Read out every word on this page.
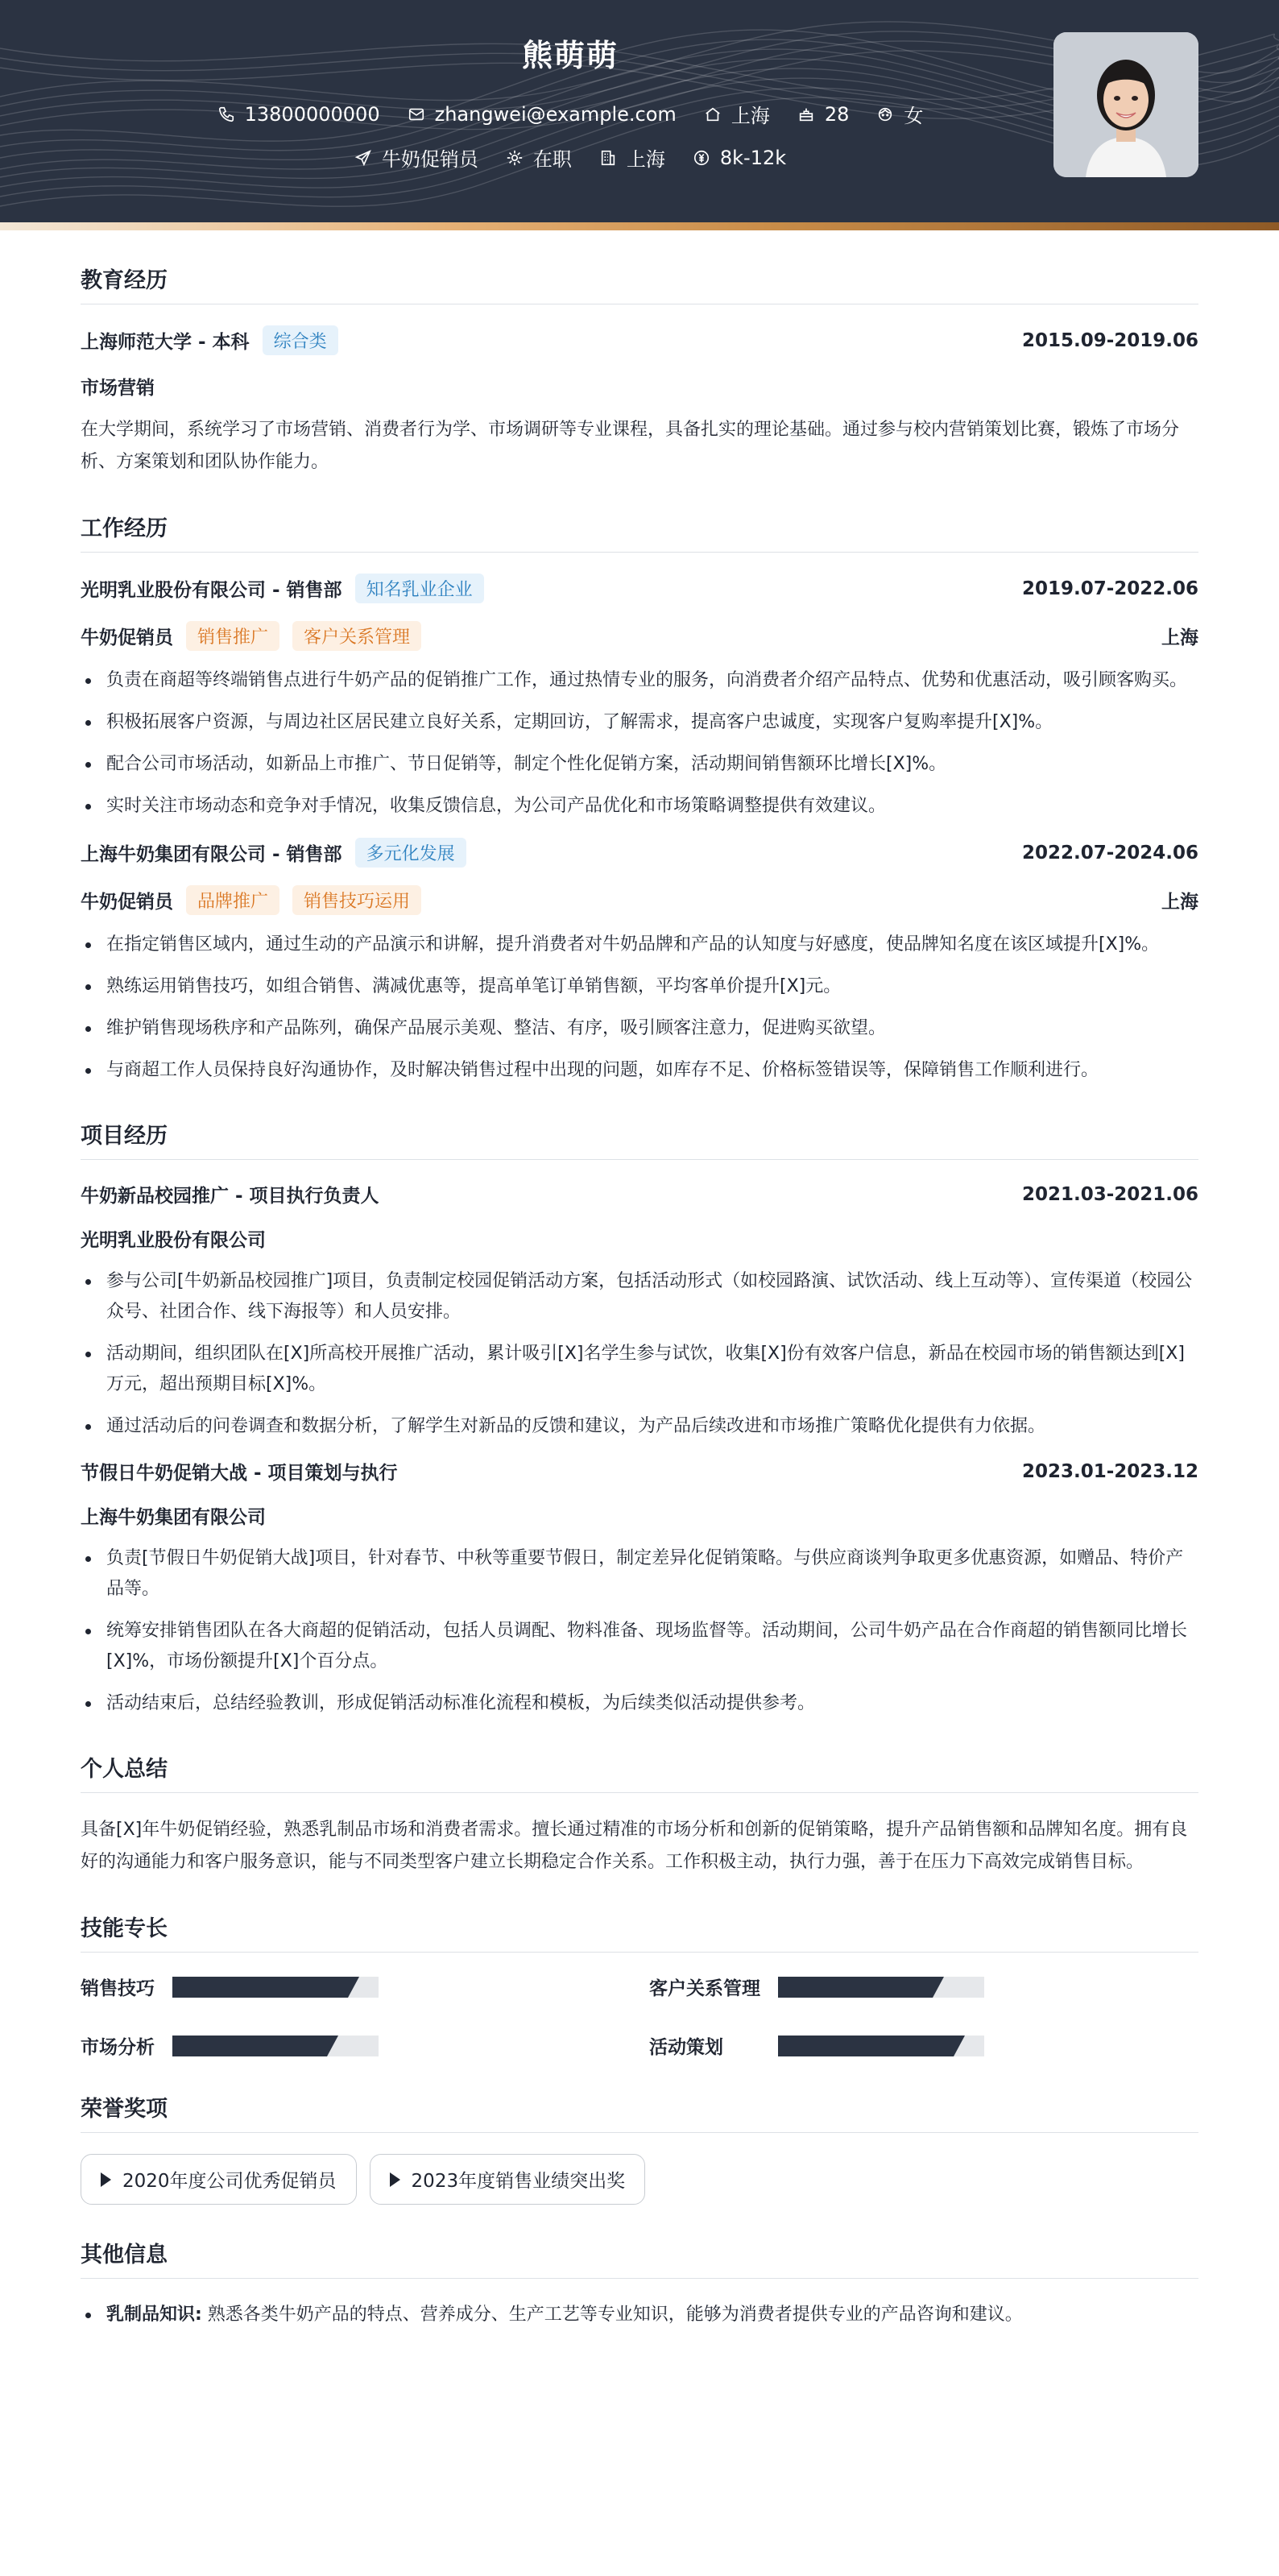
熊萌萌
13800000000	zhangwei@example.com	上海	28	女
牛奶促销员	在职	上海	8k-12k
教育经历
上海师范大学 - 本科	综合类	2015.09-2019.06
市场营销
在大学期间，系统学习了市场营销、消费者行为学、市场调研等专业课程，具备扎实的理论基础。通过参与校内营销策划比赛，锻炼了市场分析、方案策划和团队协作能力。
工作经历
光明乳业股份有限公司 - 销售部	知名乳业企业	2019.07-2022.06
牛奶促销员	销售推广	客户关系管理	上海
负责在商超等终端销售点进行牛奶产品的促销推广工作，通过热情专业的服务，向消费者介绍产品特点、优势和优惠活动，吸引顾客购买。
积极拓展客户资源，与周边社区居民建立良好关系，定期回访，了解需求，提高客户忠诚度，实现客户复购率提升[X]%。
配合公司市场活动，如新品上市推广、节日促销等，制定个性化促销方案，活动期间销售额环比增长[X]%。
实时关注市场动态和竞争对手情况，收集反馈信息，为公司产品优化和市场策略调整提供有效建议。
上海牛奶集团有限公司 - 销售部	多元化发展	2022.07-2024.06
牛奶促销员	品牌推广	销售技巧运用	上海
在指定销售区域内，通过生动的产品演示和讲解，提升消费者对牛奶品牌和产品的认知度与好感度，使品牌知名度在该区域提升[X]%。
熟练运用销售技巧，如组合销售、满减优惠等，提高单笔订单销售额，平均客单价提升[X]元。
维护销售现场秩序和产品陈列，确保产品展示美观、整洁、有序，吸引顾客注意力，促进购买欲望。
与商超工作人员保持良好沟通协作，及时解决销售过程中出现的问题，如库存不足、价格标签错误等，保障销售工作顺利进行。
项目经历
牛奶新品校园推广 - 项目执行负责人	2021.03-2021.06
光明乳业股份有限公司
参与公司[牛奶新品校园推广]项目，负责制定校园促销活动方案，包括活动形式（如校园路演、试饮活动、线上互动等）、宣传渠道（校园公众号、社团合作、线下海报等）和人员安排。
活动期间，组织团队在[X]所高校开展推广活动，累计吸引[X]名学生参与试饮，收集[X]份有效客户信息，新品在校园市场的销售额达到[X]万元，超出预期目标[X]%。
通过活动后的问卷调查和数据分析，了解学生对新品的反馈和建议，为产品后续改进和市场推广策略优化提供有力依据。
节假日牛奶促销大战 - 项目策划与执行	2023.01-2023.12
上海牛奶集团有限公司
负责[节假日牛奶促销大战]项目，针对春节、中秋等重要节假日，制定差异化促销策略。与供应商谈判争取更多优惠资源，如赠品、特价产品等。
统筹安排销售团队在各大商超的促销活动，包括人员调配、物料准备、现场监督等。活动期间，公司牛奶产品在合作商超的销售额同比增长[X]%，市场份额提升[X]个百分点。
活动结束后，总结经验教训，形成促销活动标准化流程和模板，为后续类似活动提供参考。
个人总结
具备[X]年牛奶促销经验，熟悉乳制品市场和消费者需求。擅长通过精准的市场分析和创新的促销策略，提升产品销售额和品牌知名度。拥有良好的沟通能力和客户服务意识，能与不同类型客户建立长期稳定合作关系。工作积极主动，执行力强，善于在压力下高效完成销售目标。
技能专长
销售技巧	客户关系管理
市场分析	活动策划
荣誉奖项
2020年度公司优秀促销员	2023年度销售业绩突出奖
其他信息
乳制品知识: 熟悉各类牛奶产品的特点、营养成分、生产工艺等专业知识，能够为消费者提供专业的产品咨询和建议。
